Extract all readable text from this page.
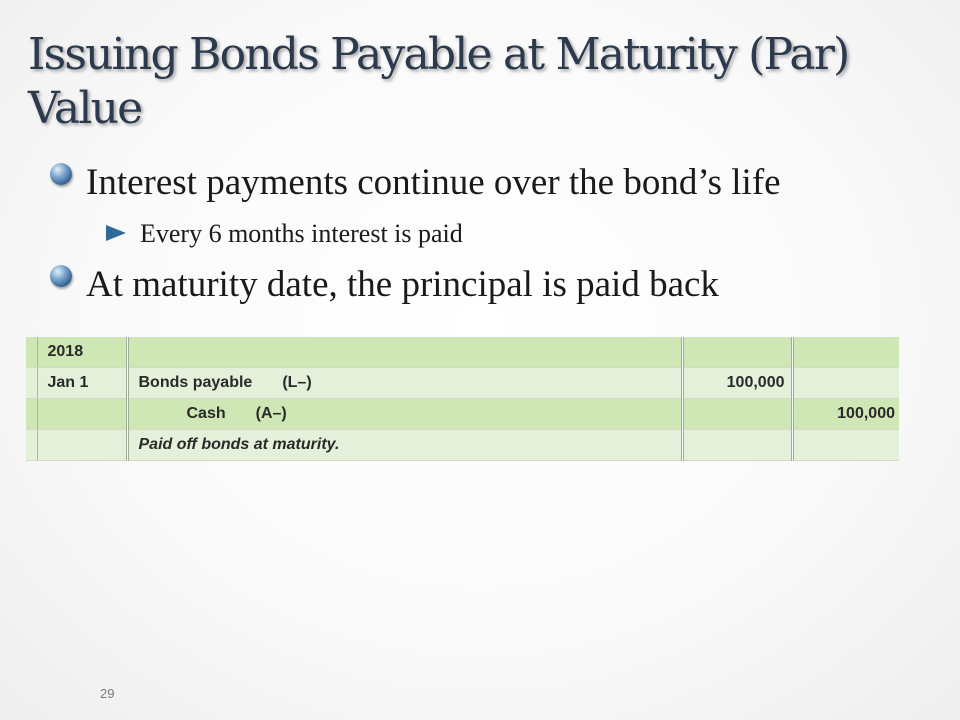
Issuing Bonds Payable at Maturity (Par)
Value
Interest payments continue over the bond’s life
Every 6 months interest is paid
At maturity date, the principal is paid back
	2018			
	Jan 1	Bonds payable (L–)	100,000	
		Cash (A–)		100,000
		Paid off bonds at maturity.		
29
